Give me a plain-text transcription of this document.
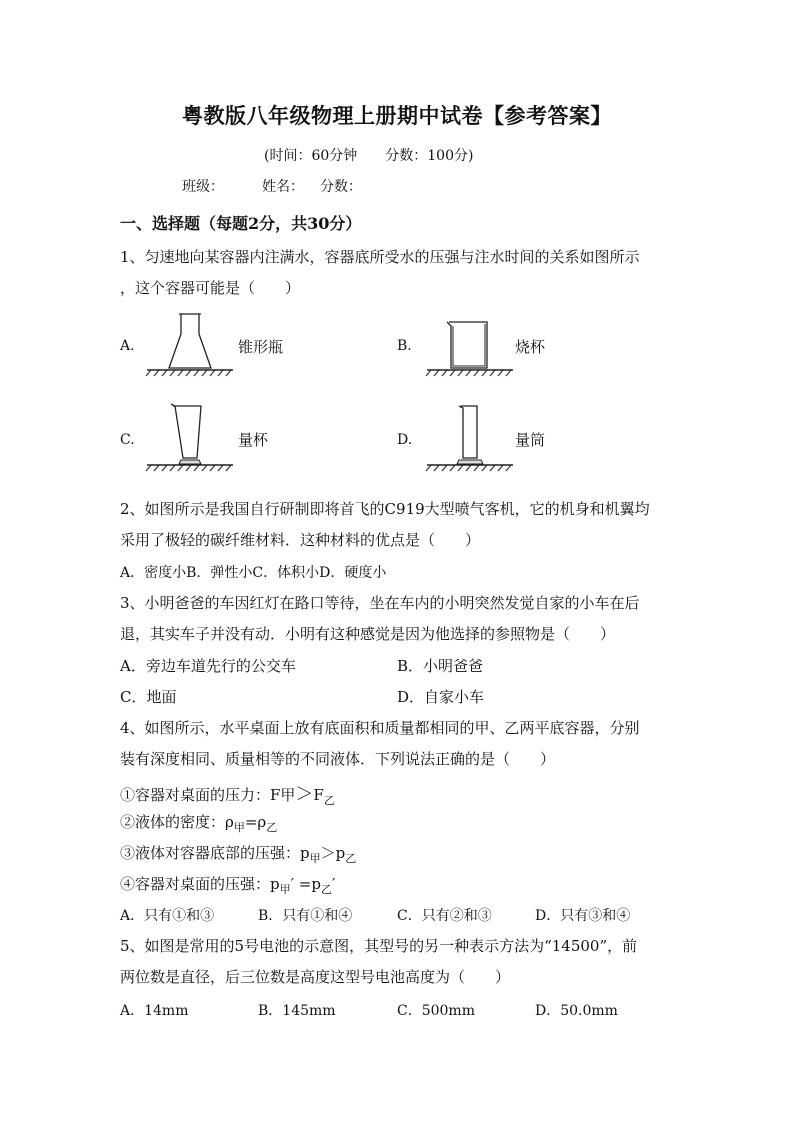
粤教版八年级物理上册期中试卷【参考答案】
(时间：60分钟　　分数：100分)
班级：	姓名： 分数：
一、选择题（每题2分，共30分）
1、匀速地向某容器内注满水，容器底所受水的压强与注水时间的关系如图所示
，这个容器可能是（　　）
A.	锥形瓶	B.	烧杯
C.	量杯	D.	量筒
2、如图所示是我国自行研制即将首飞的C919大型喷气客机，它的机身和机翼均
采用了极轻的碳纤维材料．这种材料的优点是（　　）
A．密度小B．弹性小C．体积小D．硬度小
3、小明爸爸的车因红灯在路口等待，坐在车内的小明突然发觉自家的小车在后
退，其实车子并没有动．小明有这种感觉是因为他选择的参照物是（　　）
A．旁边车道先行的公交车	B．小明爸爸
C．地面	D．自家小车
4、如图所示，水平桌面上放有底面积和质量都相同的甲、乙两平底容器，分别
装有深度相同、质量相等的不同液体．下列说法正确的是（　　）
①容器对桌面的压力：F甲$>F_乙$
②液体的密度：$\rho_甲=\rho_乙$
③液体对容器底部的压强：$p_甲>p_乙$
④容器对桌面的压强：$p_甲' =p_乙'$
A．只有①和③	B．只有①和④	C．只有②和③	D．只有③和④
5、如图是常用的5号电池的示意图，其型号的另一种表示方法为“14500”，前
两位数是直径，后三位数是高度这型号电池高度为（　　）
A．14mm	B．145mm	C．500mm	D．50.0mm
